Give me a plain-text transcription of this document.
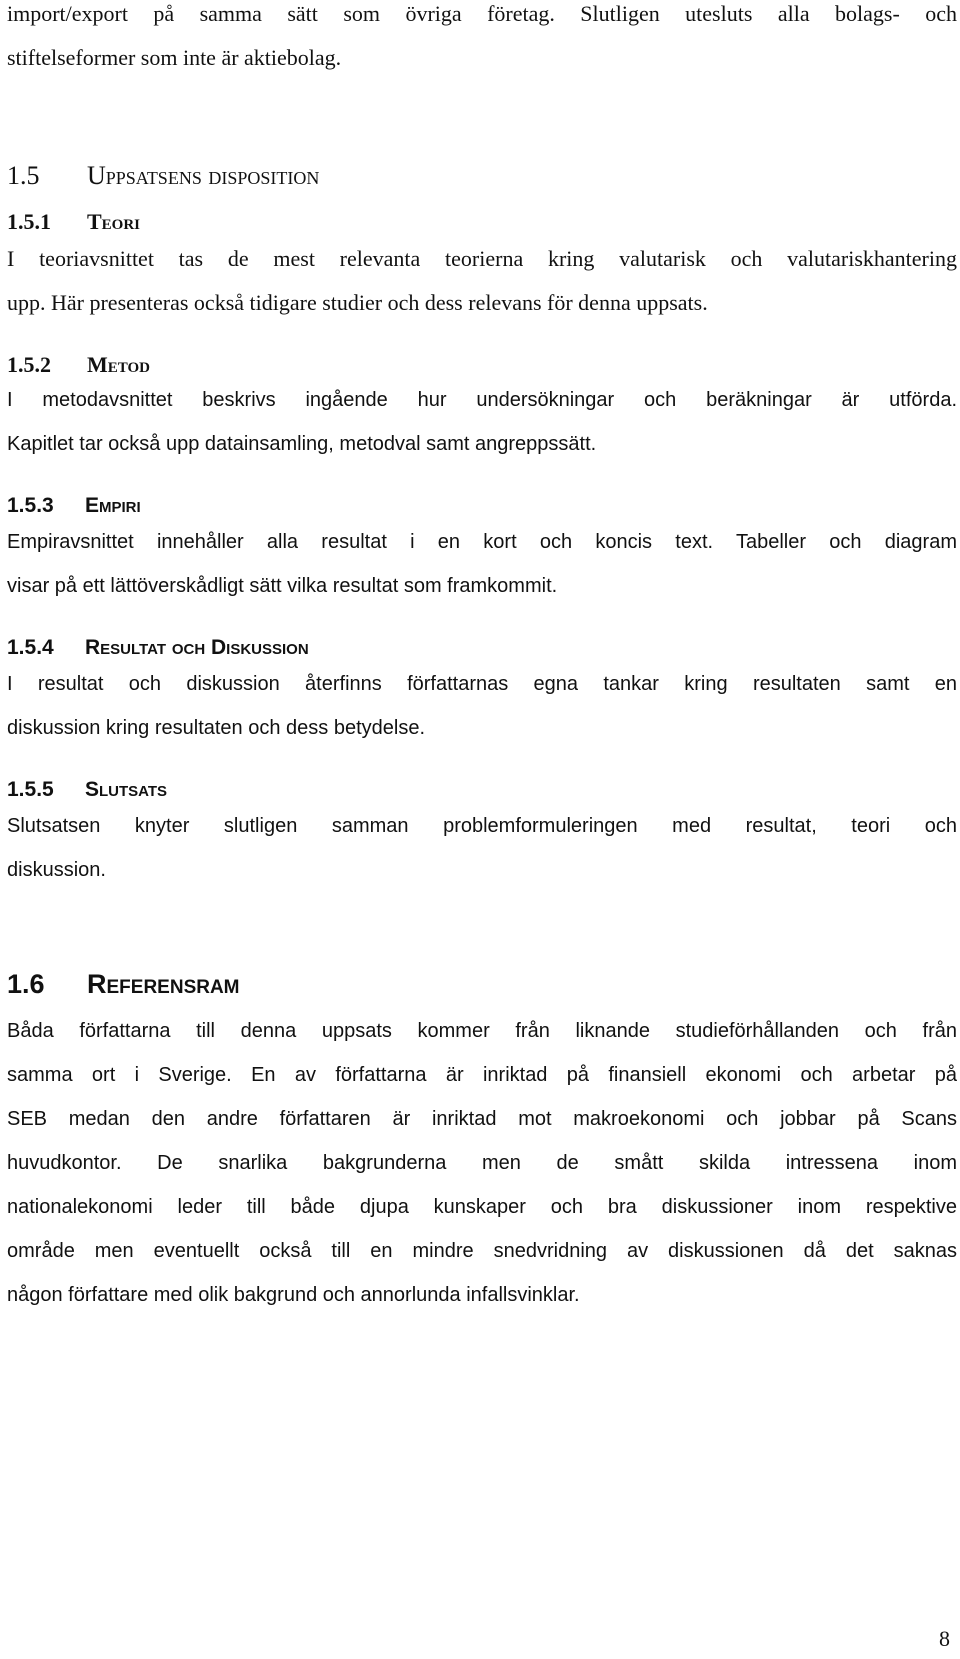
import/export på samma sätt som övriga företag. Slutligen utesluts alla bolags- och
stiftelseformer som inte är aktiebolag.
1.5 Uppsatsens disposition
1.5.1 Teori
I teoriavsnittet tas de mest relevanta teorierna kring valutarisk och valutariskhantering
upp. Här presenteras också tidigare studier och dess relevans för denna uppsats.
1.5.2 Metod
I metodavsnittet beskrivs ingående hur undersökningar och beräkningar är utförda.
Kapitlet tar också upp datainsamling, metodval samt angreppssätt.
1.5.3 Empiri
Empiravsnittet innehåller alla resultat i en kort och koncis text. Tabeller och diagram
visar på ett lättöverskådligt sätt vilka resultat som framkommit.
1.5.4 Resultat och Diskussion
I resultat och diskussion återfinns författarnas egna tankar kring resultaten samt en
diskussion kring resultaten och dess betydelse.
1.5.5 Slutsats
Slutsatsen knyter slutligen samman problemformuleringen med resultat, teori och
diskussion.
1.6 Referensram
Båda författarna till denna uppsats kommer från liknande studieförhållanden och från
samma ort i Sverige. En av författarna är inriktad på finansiell ekonomi och arbetar på
SEB medan den andre författaren är inriktad mot makroekonomi och jobbar på Scans
huvudkontor. De snarlika bakgrunderna men de smått skilda intressena inom
nationalekonomi leder till både djupa kunskaper och bra diskussioner inom respektive
område men eventuellt också till en mindre snedvridning av diskussionen då det saknas
någon författare med olik bakgrund och annorlunda infallsvinklar.
8
